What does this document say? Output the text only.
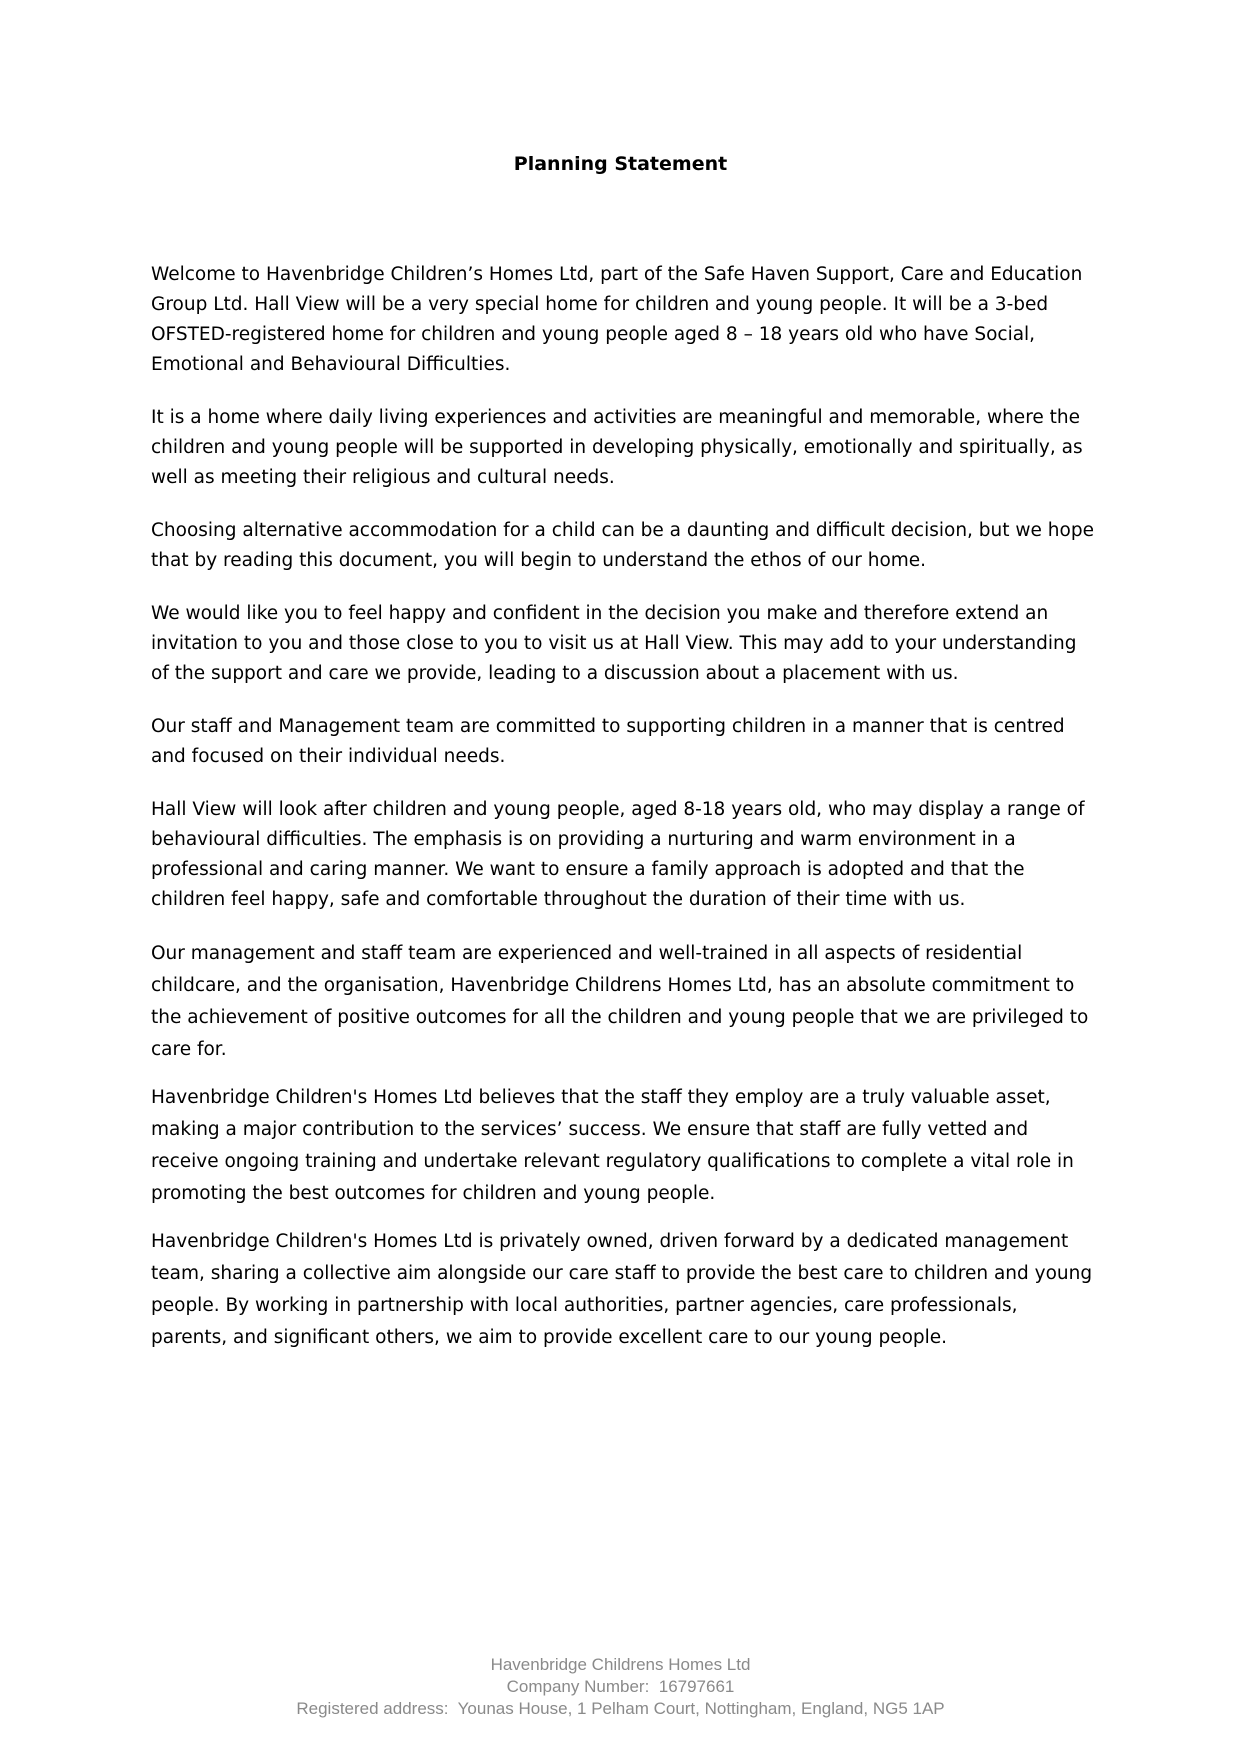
Planning Statement

Welcome to Havenbridge Children’s Homes Ltd, part of the Safe Haven Support, Care and Education Group Ltd. Hall View will be a very special home for children and young people. It will be a 3-bed OFSTED-registered home for children and young people aged 8 – 18 years old who have Social, Emotional and Behavioural Difficulties.

It is a home where daily living experiences and activities are meaningful and memorable, where the children and young people will be supported in developing physically, emotionally and spiritually, as well as meeting their religious and cultural needs.

Choosing alternative accommodation for a child can be a daunting and difficult decision, but we hope that by reading this document, you will begin to understand the ethos of our home.

We would like you to feel happy and confident in the decision you make and therefore extend an invitation to you and those close to you to visit us at Hall View. This may add to your understanding of the support and care we provide, leading to a discussion about a placement with us.

Our staff and Management team are committed to supporting children in a manner that is centred and focused on their individual needs.

Hall View will look after children and young people, aged 8-18 years old, who may display a range of behavioural difficulties. The emphasis is on providing a nurturing and warm environment in a professional and caring manner. We want to ensure a family approach is adopted and that the children feel happy, safe and comfortable throughout the duration of their time with us.

Our management and staff team are experienced and well-trained in all aspects of residential childcare, and the organisation, Havenbridge Childrens Homes Ltd, has an absolute commitment to the achievement of positive outcomes for all the children and young people that we are privileged to care for.

Havenbridge Children's Homes Ltd believes that the staff they employ are a truly valuable asset, making a major contribution to the services’ success. We ensure that staff are fully vetted and receive ongoing training and undertake relevant regulatory qualifications to complete a vital role in promoting the best outcomes for children and young people.

Havenbridge Children's Homes Ltd is privately owned, driven forward by a dedicated management team, sharing a collective aim alongside our care staff to provide the best care to children and young people. By working in partnership with local authorities, partner agencies, care professionals, parents, and significant others, we aim to provide excellent care to our young people.

Havenbridge Childrens Homes Ltd
Company Number:  16797661
Registered address:  Younas House, 1 Pelham Court, Nottingham, England, NG5 1AP
